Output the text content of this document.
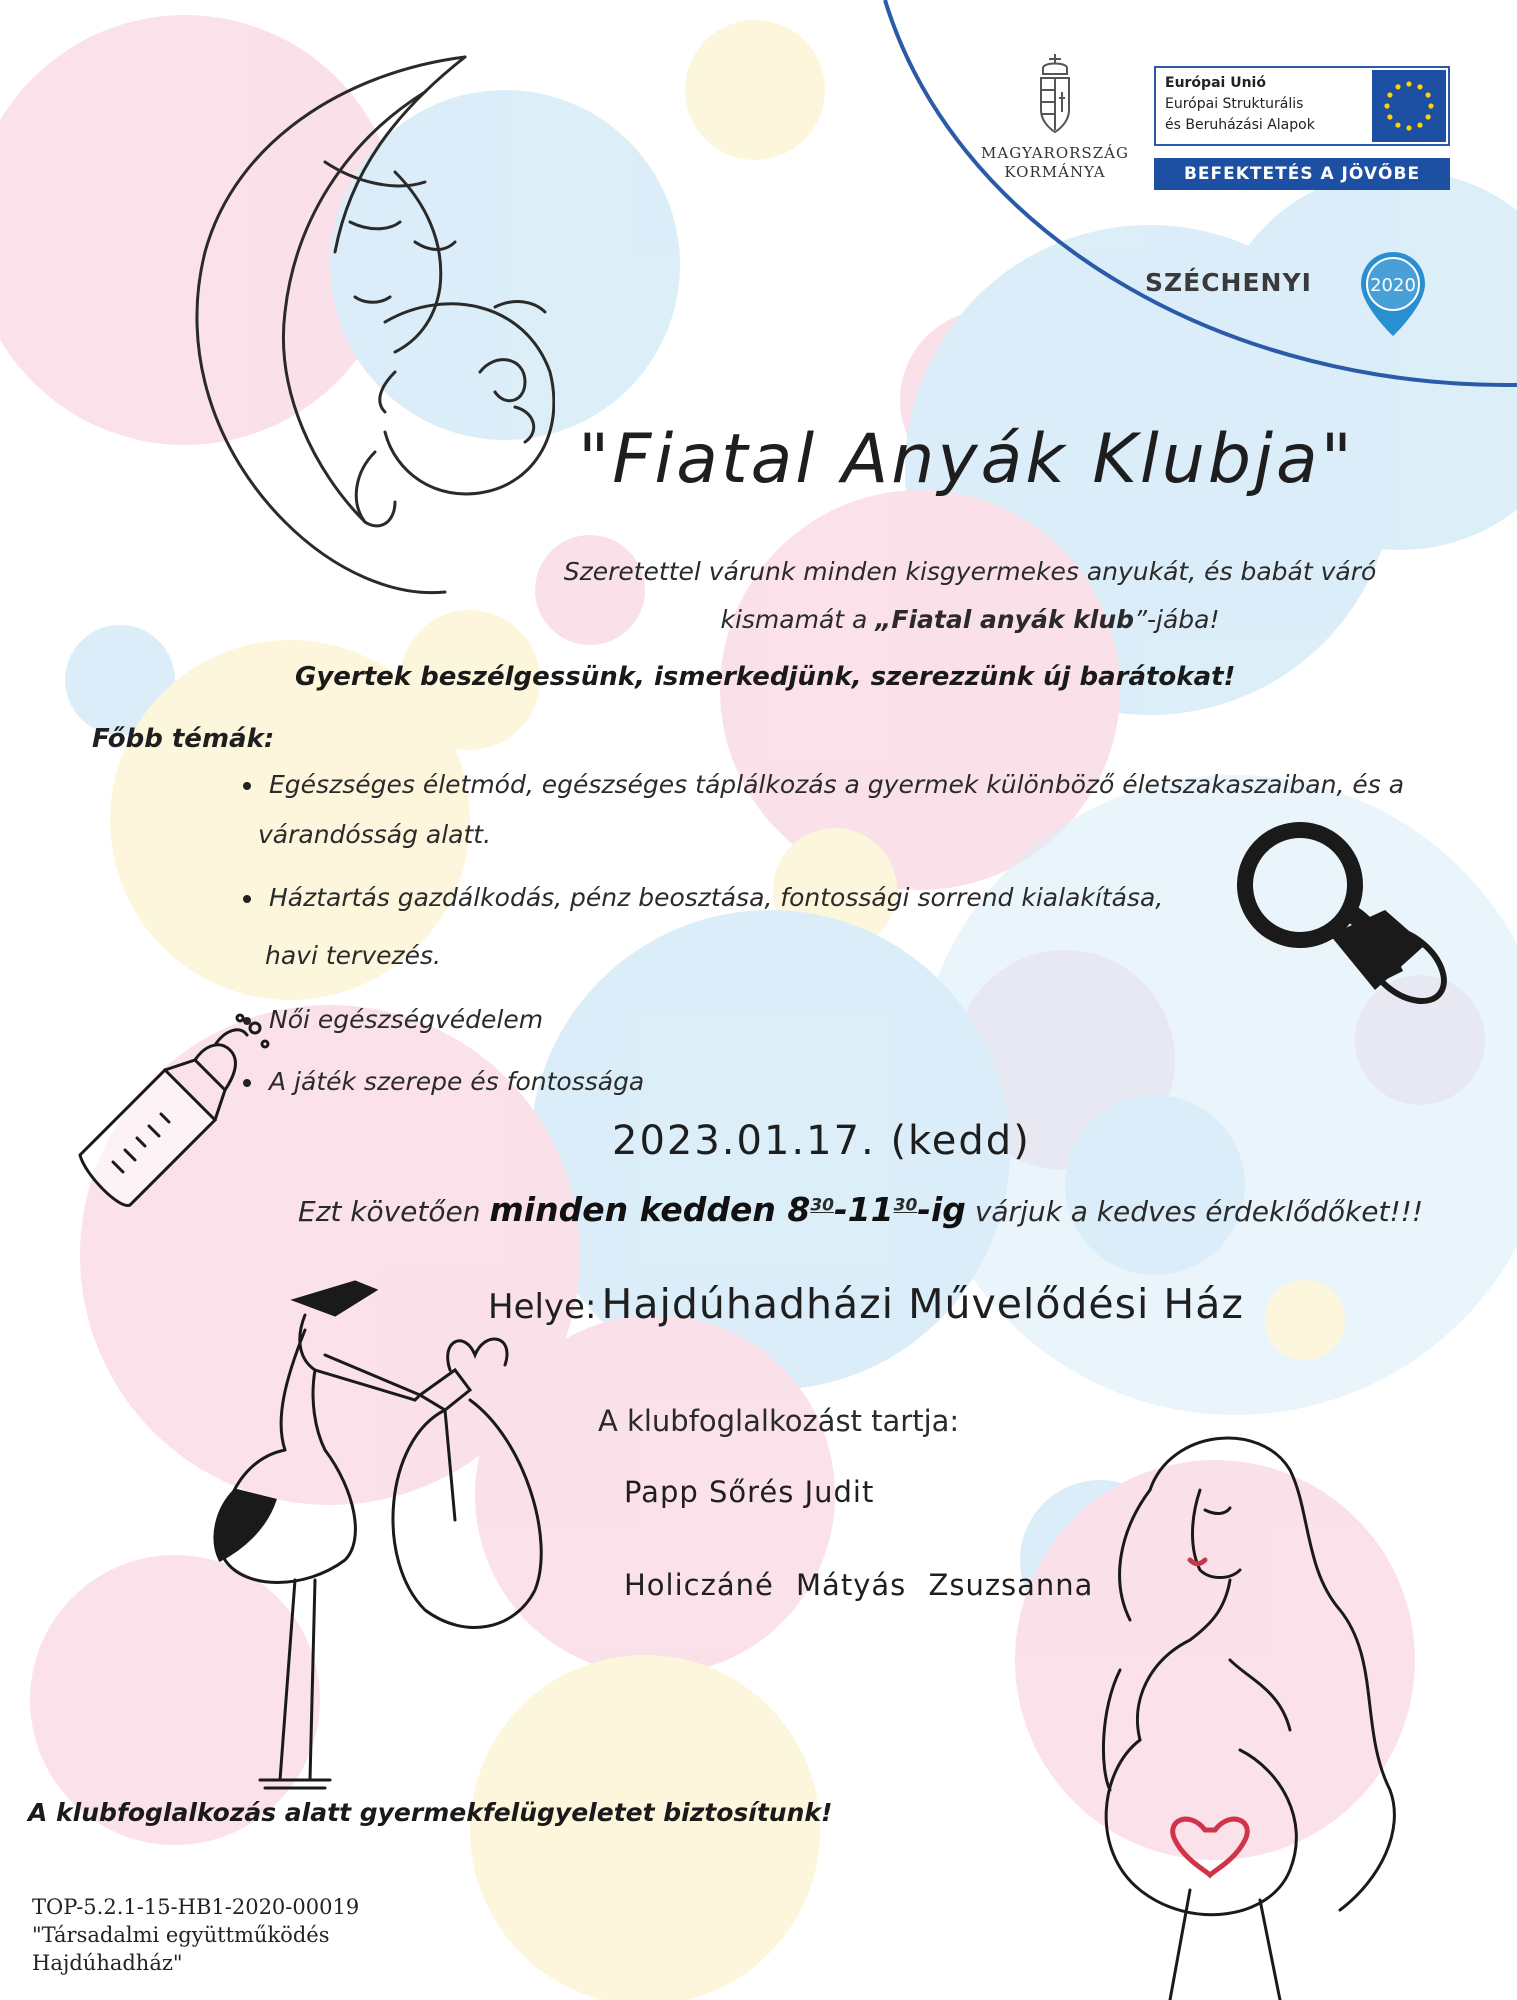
MAGYARORSZÁG
KORMÁNYA
Európai Unió
Európai Strukturális
és Beruházási Alapok
BEFEKTETÉS A JÖVŐBE
SZÉCHENYI	2020
"Fiatal Anyák Klubja"
Szeretettel várunk minden kisgyermekes anyukát, és babát váró
kismamát a „Fiatal anyák klub”-jába!
Gyertek beszélgessünk, ismerkedjünk, szerezzünk új barátokat!
Főbb témák:
Egészséges életmód, egészséges táplálkozás a gyermek különböző életszakaszaiban, és a
várandósság alatt.
Háztartás gazdálkodás, pénz beosztása, fontossági sorrend kialakítása,
havi tervezés.
Női egészségvédelem
A játék szerepe és fontossága
2023.01.17. (kedd)
Ezt követően minden kedden $8^{30}-11^{30}-ig$ várjuk a kedves érdeklődőket!!!
Helye: Hajdúhadházi Művelődési Ház
A klubfoglalkozást tartja:
Papp Sőrés Judit
Holiczáné Mátyás Zsuzsanna
A klubfoglalkozás alatt gyermekfelügyeletet biztosítunk!
TOP-5.2.1-15-HB1-2020-00019
"Társadalmi együttműködés
Hajdúhadház"
